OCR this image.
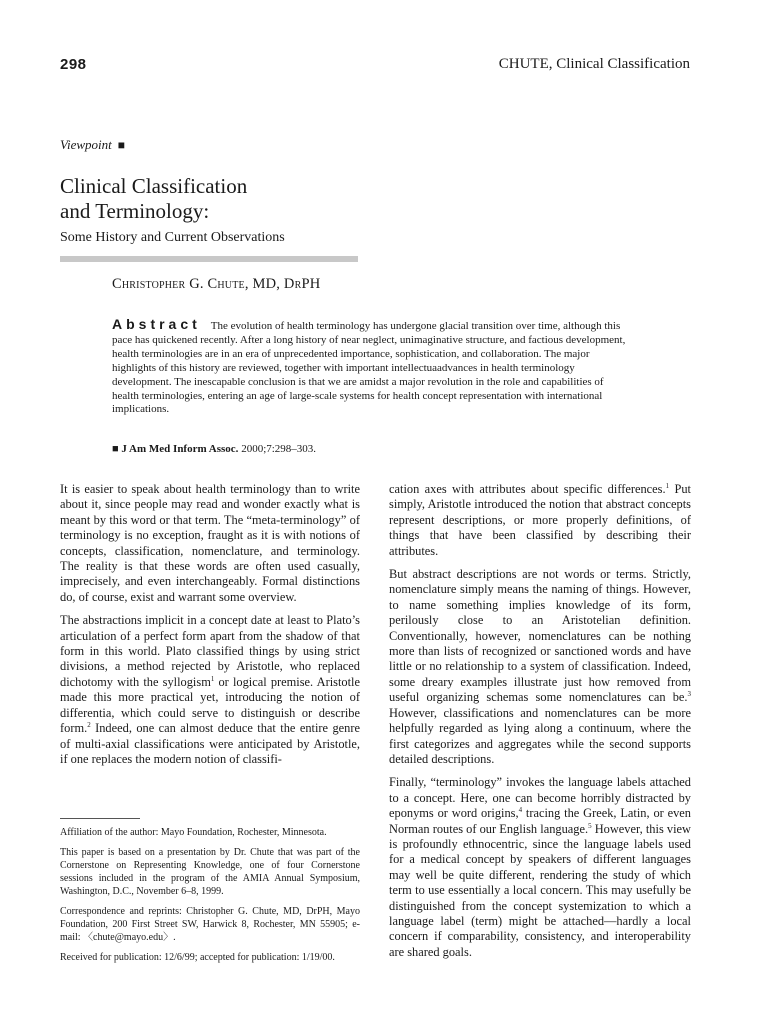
298	CHUTE, Clinical Classification
Viewpoint ■
Clinical Classification
and Terminology:
Some History and Current Observations
Christopher G. Chute, MD, DrPH
Abstract The evolution of health terminology has undergone glacial transition over time, although this pace has quickened recently. After a long history of near neglect, unimaginative structure, and factious development, health terminologies are in an era of unprecedented importance, sophistication, and collaboration. The major highlights of this history are reviewed, together with important intellectuaadvances in health terminology development. The inescapable conclusion is that we are amidst a major revolution in the role and capabilities of health terminologies, entering an age of large-scale systems for health concept representation with international implications.
■ J Am Med Inform Assoc. 2000;7:298–303.

It is easier to speak about health terminology than to write about it, since people may read and wonder exactly what is meant by this word or that term. The “meta-terminology” of terminology is no exception, fraught as it is with notions of concepts, classification, nomenclature, and terminology. The reality is that these words are often used casually, imprecisely, and even interchangeably. Formal distinctions do, of course, exist and warrant some overview.

The abstractions implicit in a concept date at least to Plato’s articulation of a perfect form apart from the shadow of that form in this world. Plato classified things by using strict divisions, a method rejected by Aristotle, who replaced dichotomy with the syllogism$^1$ or logical premise. Aristotle made this more practical yet, introducing the notion of differentia, which could serve to distinguish or describe form.$^2$ Indeed, one can almost deduce that the entire genre of multi-axial classifications were anticipated by Aristotle, if one replaces the modern notion of classifi-

cation axes with attributes about specific differences.$^1$ Put simply, Aristotle introduced the notion that abstract concepts represent descriptions, or more properly definitions, of things that have been classified by describing their attributes.

But abstract descriptions are not words or terms. Strictly, nomenclature simply means the naming of things. However, to name something implies knowledge of its form, perilously close to an Aristotelian definition. Conventionally, however, nomenclatures can be nothing more than lists of recognized or sanctioned words and have little or no relationship to a system of classification. Indeed, some dreary examples illustrate just how removed from useful organizing schemas some nomenclatures can be.$^3$ However, classifications and nomenclatures can be more helpfully regarded as lying along a continuum, where the first categorizes and aggregates while the second supports detailed descriptions.

Finally, “terminology” invokes the language labels attached to a concept. Here, one can become horribly distracted by eponyms or word origins,$^4$ tracing the Greek, Latin, or even Norman routes of our English language.$^5$ However, this view is profoundly ethnocentric, since the language labels used for a medical concept by speakers of different languages may well be quite different, rendering the study of which term to use essentially a local concern. This may usefully be distinguished from the concept systemization to which a language label (term) might be attached—hardly a local concern if comparability, consistency, and interoperability are shared goals.

Affiliation of the author: Mayo Foundation, Rochester, Minnesota.

This paper is based on a presentation by Dr. Chute that was part of the Cornerstone on Representing Knowledge, one of four Cornerstone sessions included in the program of the AMIA Annual Symposium, Washington, D.C., November 6–8, 1999.

Correspondence and reprints: Christopher G. Chute, MD, DrPH, Mayo Foundation, 200 First Street SW, Harwick 8, Rochester, MN 55905; e-mail: 〈chute@mayo.edu〉.

Received for publication: 12/6/99; accepted for publication: 1/19/00.
